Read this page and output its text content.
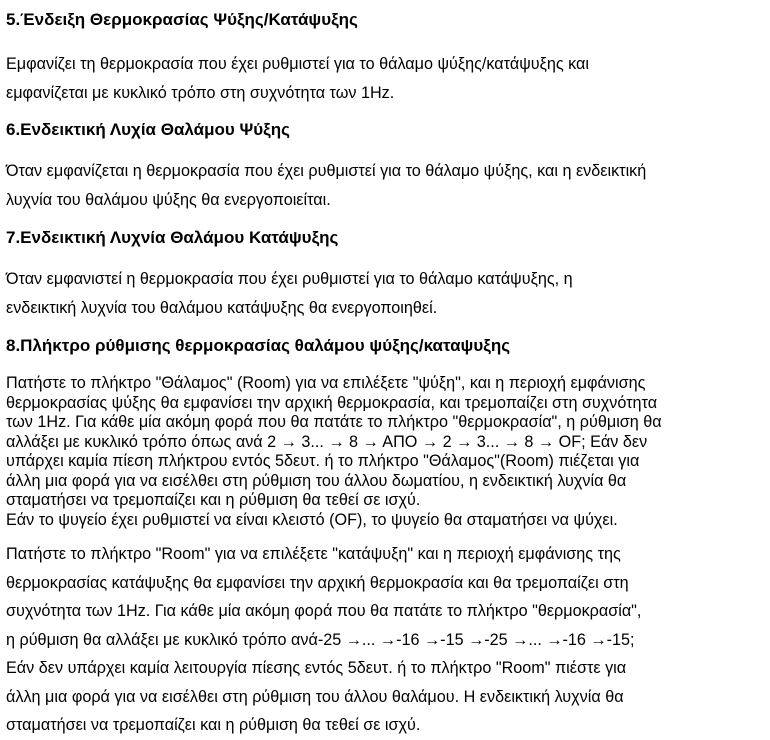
5.Ένδειξη Θερμοκρασίας Ψύξης/Κατάψυξης
Εμφανίζει τη θερμοκρασία που έχει ρυθμιστεί για το θάλαμο ψύξης/κατάψυξης και
εμφανίζεται με κυκλικό τρόπο στη συχνότητα των 1Hz.
6.Ενδεικτική Λυχία Θαλάμου Ψύξης
Όταν εμφανίζεται η θερμοκρασία που έχει ρυθμιστεί για το θάλαμο ψύξης, και η ενδεικτική
λυχνία του θαλάμου ψύξης θα ενεργοποιείται.
7.Ενδεικτική Λυχνία Θαλάμου Κατάψυξης
Όταν εμφανιστεί η θερμοκρασία που έχει ρυθμιστεί για το θάλαμο κατάψυξης, η
ενδεικτική λυχνία του θαλάμου κατάψυξης θα ενεργοποιηθεί.
8.Πλήκτρο ρύθμισης θερμοκρασίας θαλάμου ψύξης/καταψυξης
Πατήστε το πλήκτρο "Θάλαμος" (Room) για να επιλέξετε "ψύξη", και η περιοχή εμφάνισης
θερμοκρασίας ψύξης θα εμφανίσει την αρχική θερμοκρασία, και τρεμοπαίζει στη συχνότητα
των 1Hz. Για κάθε μία ακόμη φορά που θα πατάτε το πλήκτρο "θερμοκρασία", η ρύθμιση θα
αλλάξει με κυκλικό τρόπο όπως ανά 2 → 3... → 8 → ΑΠΟ → 2 → 3... → 8 → OF; Εάν δεν
υπάρχει καμία πίεση πλήκτρου εντός 5δευτ. ή το πλήκτρο "Θάλαμος"(Room) πιέζεται για
άλλη μια φορά για να εισέλθει στη ρύθμιση του άλλου δωματίου, η ενδεικτική λυχνία θα
σταματήσει να τρεμοπαίζει και η ρύθμιση θα τεθεί σε ισχύ.
Εάν το ψυγείο έχει ρυθμιστεί να είναι κλειστό (OF), το ψυγείο θα σταματήσει να ψύχει.
Πατήστε το πλήκτρο "Room" για να επιλέξετε "κατάψυξη" και η περιοχή εμφάνισης της
θερμοκρασίας κατάψυξης θα εμφανίσει την αρχική θερμοκρασία και θα τρεμοπαίζει στη
συχνότητα των 1Hz. Για κάθε μία ακόμη φορά που θα πατάτε το πλήκτρο "θερμοκρασία",
η ρύθμιση θα αλλάξει με κυκλικό τρόπο ανά-25 →... →-16 →-15 →-25 →... →-16 →-15;
Εάν δεν υπάρχει καμία λειτουργία πίεσης εντός 5δευτ. ή το πλήκτρο "Room" πιέστε για
άλλη μια φορά για να εισέλθει στη ρύθμιση του άλλου θαλάμου. Η ενδεικτική λυχνία θα
σταματήσει να τρεμοπαίζει και η ρύθμιση θα τεθεί σε ισχύ.
